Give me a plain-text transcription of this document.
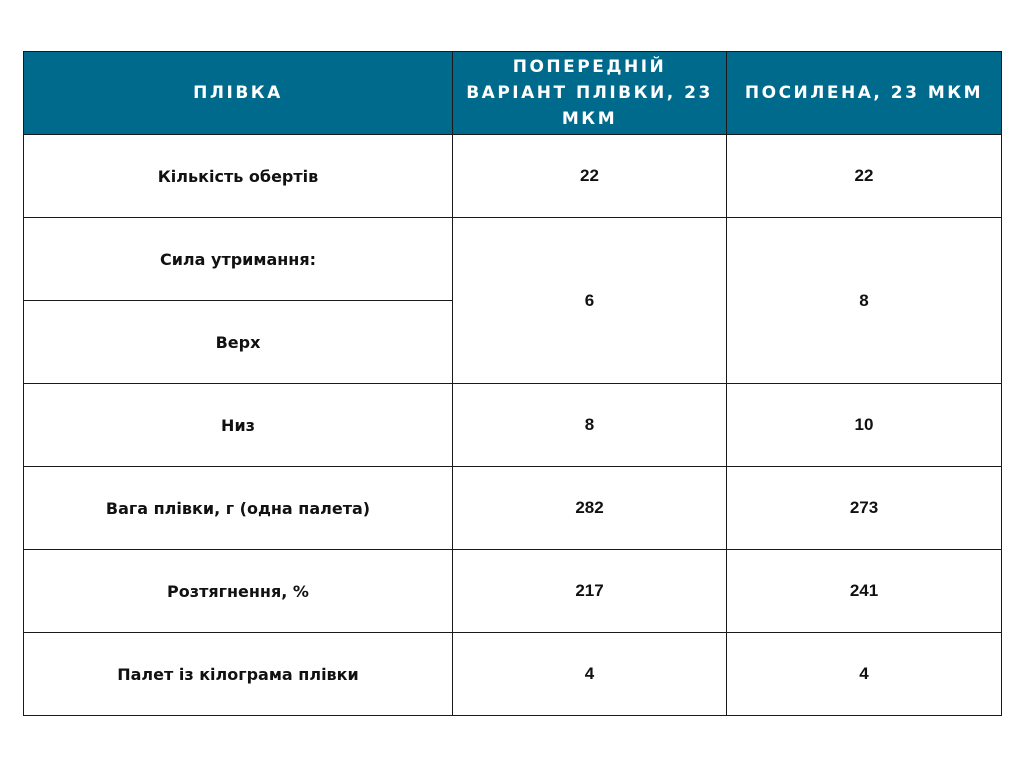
ПЛІВКА	ПОПЕРЕДНІЙ ВАРІАНТ ПЛІВКИ, 23 МКМ	ПОСИЛЕНА, 23 МКМ
Кількість обертів	22	22
Сила утримання:	6	8
Верх		
Низ	8	10
Вага плівки, г (одна палета)	282	273
Розтягнення, %	217	241
Палет із кілограма плівки	4	4
